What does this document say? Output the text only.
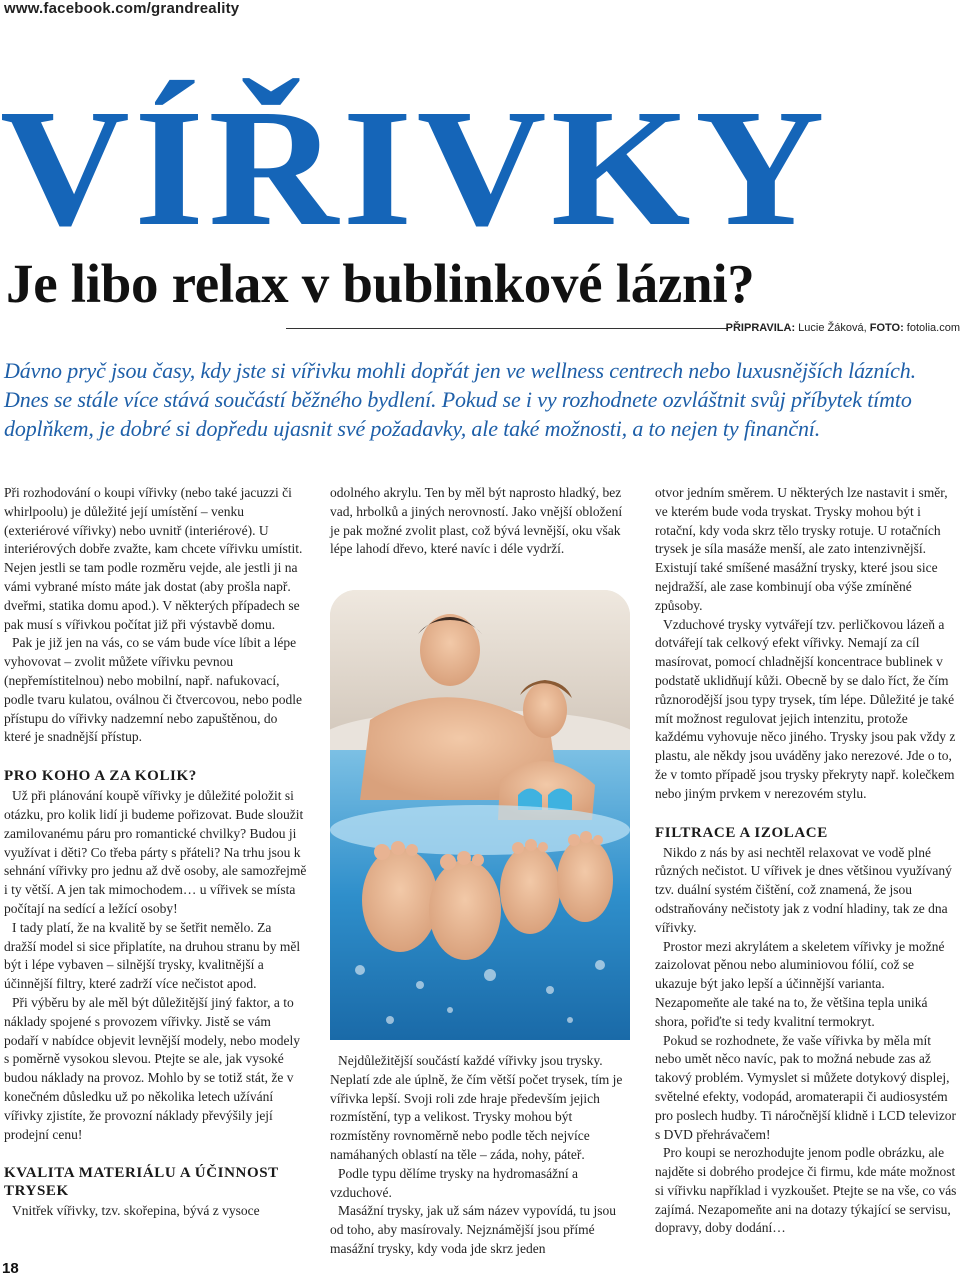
www.facebook.com/grandreality
VÍŘIVKY
Je libo relax v bublinkové lázni?
PŘIPRAVILA: Lucie Žáková, FOTO: fotolia.com

Dávno pryč jsou časy, kdy jste si vířivku mohli dopřát jen ve wellness centrech nebo luxusnějších lázních. Dnes se stále více stává součástí běžného bydlení. Pokud se i vy rozhodnete ozvláštnit svůj příbytek tímto doplňkem, je dobré si dopředu ujasnit své požadavky, ale také možnosti, a to nejen ty finanční.

Při rozhodování o koupi vířivky (nebo také jacuzzi či whirlpoolu) je důležité její umístění – venku (exteriérové vířivky) nebo uvnitř (interiérové). U interiérových dobře zvažte, kam chcete vířivku umístit. Nejen jestli se tam podle rozměru vejde, ale jestli ji na vámi vybrané místo máte jak dostat (aby prošla např. dveřmi, statika domu apod.). V některých případech se pak musí s vířivkou počítat již při výstavbě domu.

Pak je již jen na vás, co se vám bude více líbit a lépe vyhovovat – zvolit můžete vířivku pevnou (nepřemístitelnou) nebo mobilní, např. nafukovací, podle tvaru kulatou, oválnou či čtvercovou, nebo podle přístupu do vířivky nadzemní nebo zapuštěnou, do které je snadnější přístup.

PRO KOHO A ZA KOLIK?

Už při plánování koupě vířivky je důležité položit si otázku, pro kolik lidí ji budeme pořizovat. Bude sloužit zamilovanému páru pro romantické chvilky? Budou ji využívat i děti? Co třeba párty s přáteli? Na trhu jsou k sehnání vířivky pro jednu až dvě osoby, ale samozřejmě i ty větší. A jen tak mimochodem… u vířivek se místa počítají na sedící a ležící osoby!

I tady platí, že na kvalitě by se šetřit nemělo. Za dražší model si sice připlatíte, na druhou stranu by měl být i lépe vybaven – silnější trysky, kvalitnější a účinnější filtry, které zadrží více nečistot apod.

Při výběru by ale měl být důležitější jiný faktor, a to náklady spojené s provozem vířivky. Jistě se vám podaří v nabídce objevit levnější modely, nebo modely s poměrně vysokou slevou. Ptejte se ale, jak vysoké budou náklady na provoz. Mohlo by se totiž stát, že v konečném důsledku už po několika letech užívání vířivky zjistíte, že provozní náklady převýšily její prodejní cenu!

KVALITA MATERIÁLU A ÚČINNOST TRYSEK

Vnitřek vířivky, tzv. skořepina, bývá z vysoce

odolného akrylu. Ten by měl být naprosto hladký, bez vad, hrbolků a jiných nerovností. Jako vnější obložení je pak možné zvolit plast, což bývá levnější, oku však lépe lahodí dřevo, které navíc i déle vydrží.

Nejdůležitější součástí každé vířivky jsou trysky. Neplatí zde ale úplně, že čím větší počet trysek, tím je vířivka lepší. Svoji roli zde hraje především jejich rozmístění, typ a velikost. Trysky mohou být rozmístěny rovnoměrně nebo podle těch nejvíce namáhaných oblastí na těle – záda, nohy, páteř.

Podle typu dělíme trysky na hydromasážní a vzduchové.

Masážní trysky, jak už sám název vypovídá, tu jsou od toho, aby masírovaly. Nejznámější jsou přímé masážní trysky, kdy voda jde skrz jeden

otvor jedním směrem. U některých lze nastavit i směr, ve kterém bude voda tryskat. Trysky mohou být i rotační, kdy voda skrz tělo trysky rotuje. U rotačních trysek je síla masáže menší, ale zato intenzivnější. Existují také smíšené masážní trysky, které jsou sice nejdražší, ale zase kombinují oba výše zmíněné způsoby.

Vzduchové trysky vytvářejí tzv. perličkovou lázeň a dotvářejí tak celkový efekt vířivky. Nemají za cíl masírovat, pomocí chladnější koncentrace bublinek v podstatě uklidňují kůži. Obecně by se dalo říct, že čím různorodější jsou typy trysek, tím lépe. Důležité je také mít možnost regulovat jejich intenzitu, protože každému vyhovuje něco jiného. Trysky jsou pak vždy z plastu, ale někdy jsou uváděny jako nerezové. Jde o to, že v tomto případě jsou trysky překryty např. kolečkem nebo jiným prvkem v nerezovém stylu.

FILTRACE A IZOLACE

Nikdo z nás by asi nechtěl relaxovat ve vodě plné různých nečistot. U vířivek je dnes většinou využívaný tzv. duální systém čištění, což znamená, že jsou odstraňovány nečistoty jak z vodní hladiny, tak ze dna vířivky.

Prostor mezi akrylátem a skeletem vířivky je možné zaizolovat pěnou nebo aluminiovou fólií, což se ukazuje být jako lepší a účinnější varianta. Nezapomeňte ale také na to, že většina tepla uniká shora, pořiďte si tedy kvalitní termokryt.

Pokud se rozhodnete, že vaše vířivka by měla mít nebo umět něco navíc, pak to možná nebude zas až takový problém. Vymyslet si můžete dotykový displej, světelné efekty, vodopád, aromaterapii či audiosystém pro poslech hudby. Ti náročnější klidně i LCD televizor s DVD přehrávačem!

Pro koupi se nerozhodujte jenom podle obrázku, ale najděte si dobrého prodejce či firmu, kde máte možnost si vířivku například i vyzkoušet. Ptejte se na vše, co vás zajímá. Nezapomeňte ani na dotazy týkající se servisu, dopravy, doby dodání…

18
